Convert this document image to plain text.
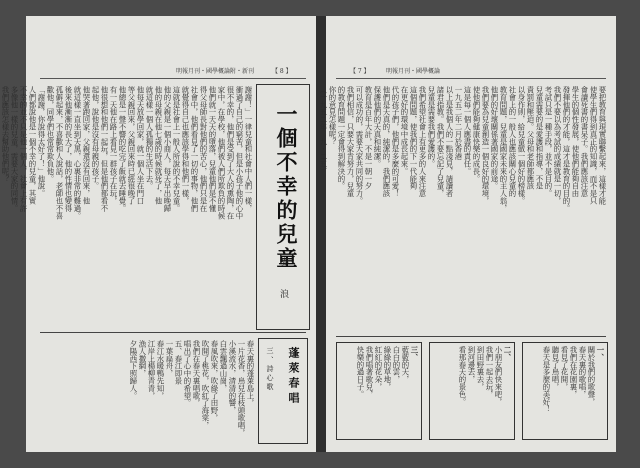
明報月刊・國學概論附・新刊	【 8 】
一個不幸的兒童
麥 浪
謝謝！」一律兒童和社會中人們一樣，
衝過了自己的窮苦，但是小孩子他的心中
很不幸的，他們是受到了大人的熏陶，在
家中，在學校，他們被人們所欺負的時候
他們就一天天的墮落，兒童他們是不懂
得父母師長對他們的苦心，他們只是在
社會中，他們看見了一切的事物，他們
就覺得自己也應該學得和他們一樣，
這就是社會上一般人所說的不幸兒童。
他的父親是一個小商人，每天早出晚歸
他的母親在他七歲的時候就死了，他
就這樣一個人孤獨的生活下去。
他每天放學回家，就一個人坐在門口
等父親回來，父親回來時已經很晚了
他總是一聲不響的吃完了飯就去睡覺。
有一天他在路上看見一群孩子在玩，
他很想和他們一起玩，但是他們都看不
起他，說他是沒有母親的孩子。
他哭著跑回家，父親還沒有回來，他
就這樣一直坐到天黑，心裏非常的難過。
後來他漸漸的長大了，他的性情也變得
孤僻起來，不喜歡和人說話，老師也不喜
歡他，同學們也常常欺負他。
「謝謝，你說得太好了！」他說。
人們都說他是一個不幸的兒童，其實
不幸的並不只是他一個人，社會上有許
多像他一樣的兒童，需要大家的同情。
我們應該怎樣去幫助他們呢？
蓬萊春唱
三、詩心歌
春天裏的蓬萊島上，
一片花香，鳥兒在枝頭歌唱，
小溪流水，清清的響，
白雲飄過山崗，
春風吹來，吹綠了田野，
吹開了桃花，吹紅了海棠，
我們在春天裏唱歌，
唱出了心中的希望。
五、春江即景
一葉扁舟，
春江水暖鴨先知，
江岸上楊柳青青，
漁人撒網，
夕陽西下照歸人。
【 7 】	明報月刊・國學概論
要把教育與現實聯繫起來，這樣才能
使學生們得到真正的知識，而不是只
會讀死書的書呆子。我們應該注意
學生的個性發展，使他們能夠自由
發揮他們的才能，這才是教育的目的。
我們不要以為考試的成績就是一切，
考試只是一種手段，並不是目的。
兒童需要的是愛護和指導，不是
責罰和壓迫。父母和老師都應該
以身作則，給兒童做一個好的榜樣。
社會上的一般人也應該關心兒童的
教育問題，兒童是國家未來的主人翁，
他們的好壞關係著國家的前途。
我們要為兒童創造一個良好的環境，
使他們能夠健康快樂的成長。
這是每一個人應盡的責任。
一九五二年二月於香港
以上是我個人的一點淺見，請讀者
諸君指教。我們不要忘記了兒童，
兒童是需要我們愛護的。
我們希望社會上有更多的人來注意
這個問題，使我們的下一代能夠
在更好的環境中成長起來。
代的孩子們，他們是多麼的可愛！
他們是天真的，純潔的，我們應該
保護他們的天真和純潔。
教育是百年大計，不是一朝一夕
可以成功的，需要大家共同的努力。
我們相信，只要大家肯努力，兒童
的教育問題一定會得到解決的。
你的意見怎樣呢？
（一九五二年　九・二五）
一、
關於我們的歌聲，
春天裏的歌唱，
我們在花園裏，
看見了花開，
聽見了鳥唱，
春天是多麼的美好！
二、
小朋友們快來吧，
我們一起去玩，
到田野裏去，
到河邊去，
看那春天的景色。
三、
藍藍的天，
白白的雲，
綠綠的草地，
紅紅的花朵，
我們唱著歌兒，
快樂的過日子。
